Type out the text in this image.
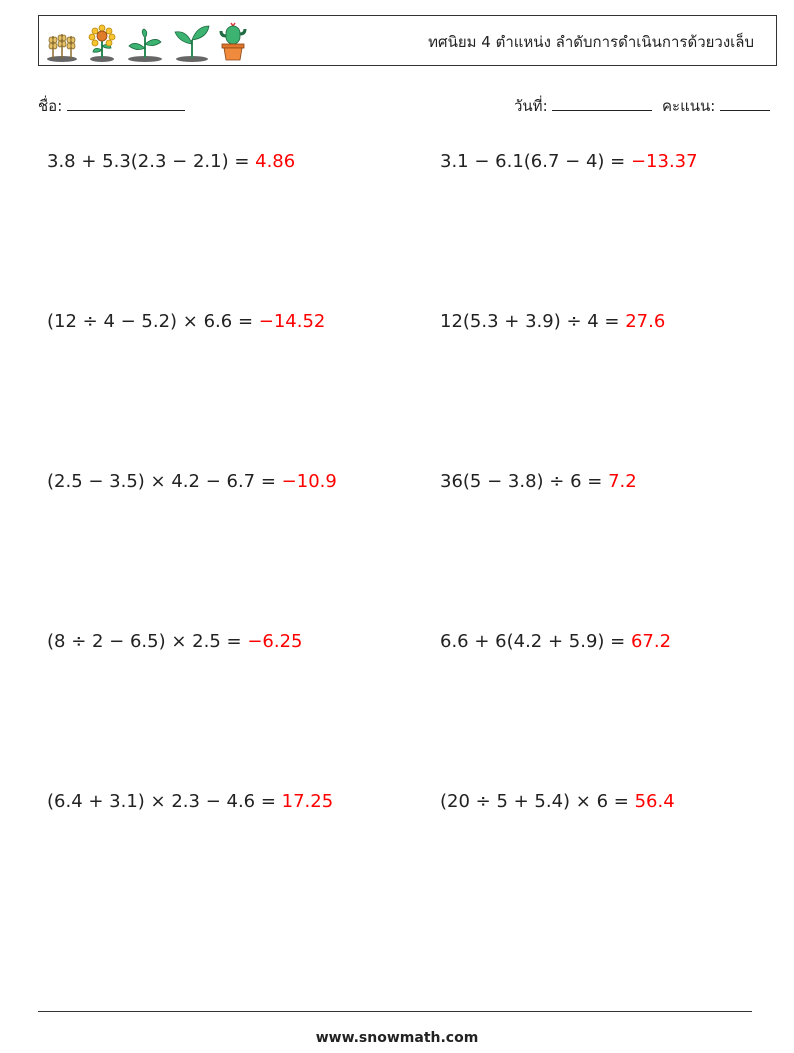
ทศนิยม 4 ตำแหน่ง ลำดับการดำเนินการด้วยวงเล็บ
ชื่อ:	วันที่:	คะแนน:
3.8 + 5.3(2.3 − 2.1) = 4.86	3.1 − 6.1(6.7 − 4) = −13.37
(12 ÷ 4 − 5.2) × 6.6 = −14.52	12(5.3 + 3.9) ÷ 4 = 27.6
(2.5 − 3.5) × 4.2 − 6.7 = −10.9	36(5 − 3.8) ÷ 6 = 7.2
(8 ÷ 2 − 6.5) × 2.5 = −6.25	6.6 + 6(4.2 + 5.9) = 67.2
(6.4 + 3.1) × 2.3 − 4.6 = 17.25	(20 ÷ 5 + 5.4) × 6 = 56.4
www.snowmath.com
